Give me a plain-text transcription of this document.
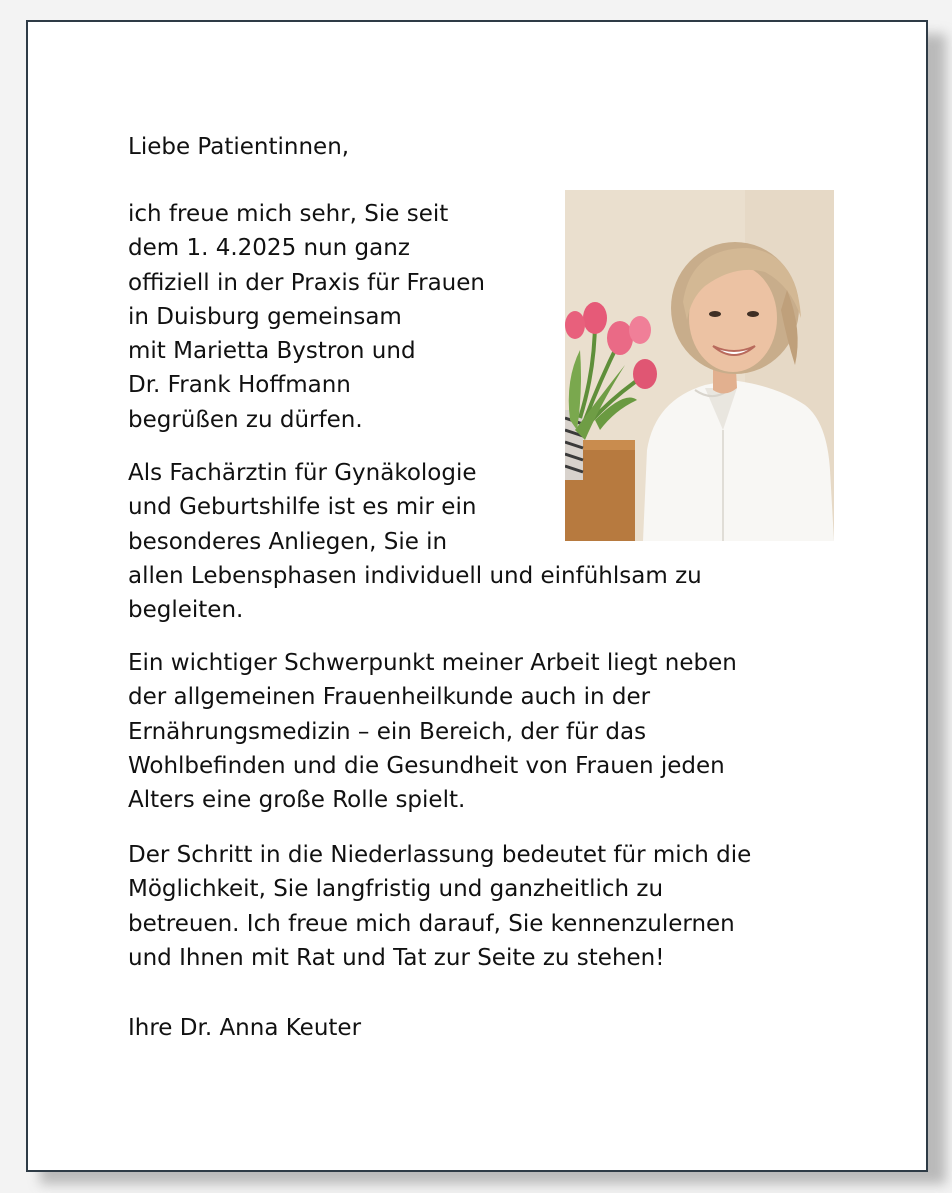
Liebe Patientinnen,

ich freue mich sehr, Sie seit
dem 1. 4.2025 nun ganz
offiziell in der Praxis für Frauen
in Duisburg gemeinsam
mit Marietta Bystron und
Dr. Frank Hoffmann
begrüßen zu dürfen.

Als Fachärztin für Gynäkologie
und Geburtshilfe ist es mir ein
besonderes Anliegen, Sie in
allen Lebensphasen individuell und einfühlsam zu
begleiten.

Ein wichtiger Schwerpunkt meiner Arbeit liegt neben
der allgemeinen Frauenheilkunde auch in der
Ernährungsmedizin – ein Bereich, der für das
Wohlbefinden und die Gesundheit von Frauen jeden
Alters eine große Rolle spielt.

Der Schritt in die Niederlassung bedeutet für mich die
Möglichkeit, Sie langfristig und ganzheitlich zu
betreuen. Ich freue mich darauf, Sie kennenzulernen
und Ihnen mit Rat und Tat zur Seite zu stehen!

Ihre Dr. Anna Keuter
